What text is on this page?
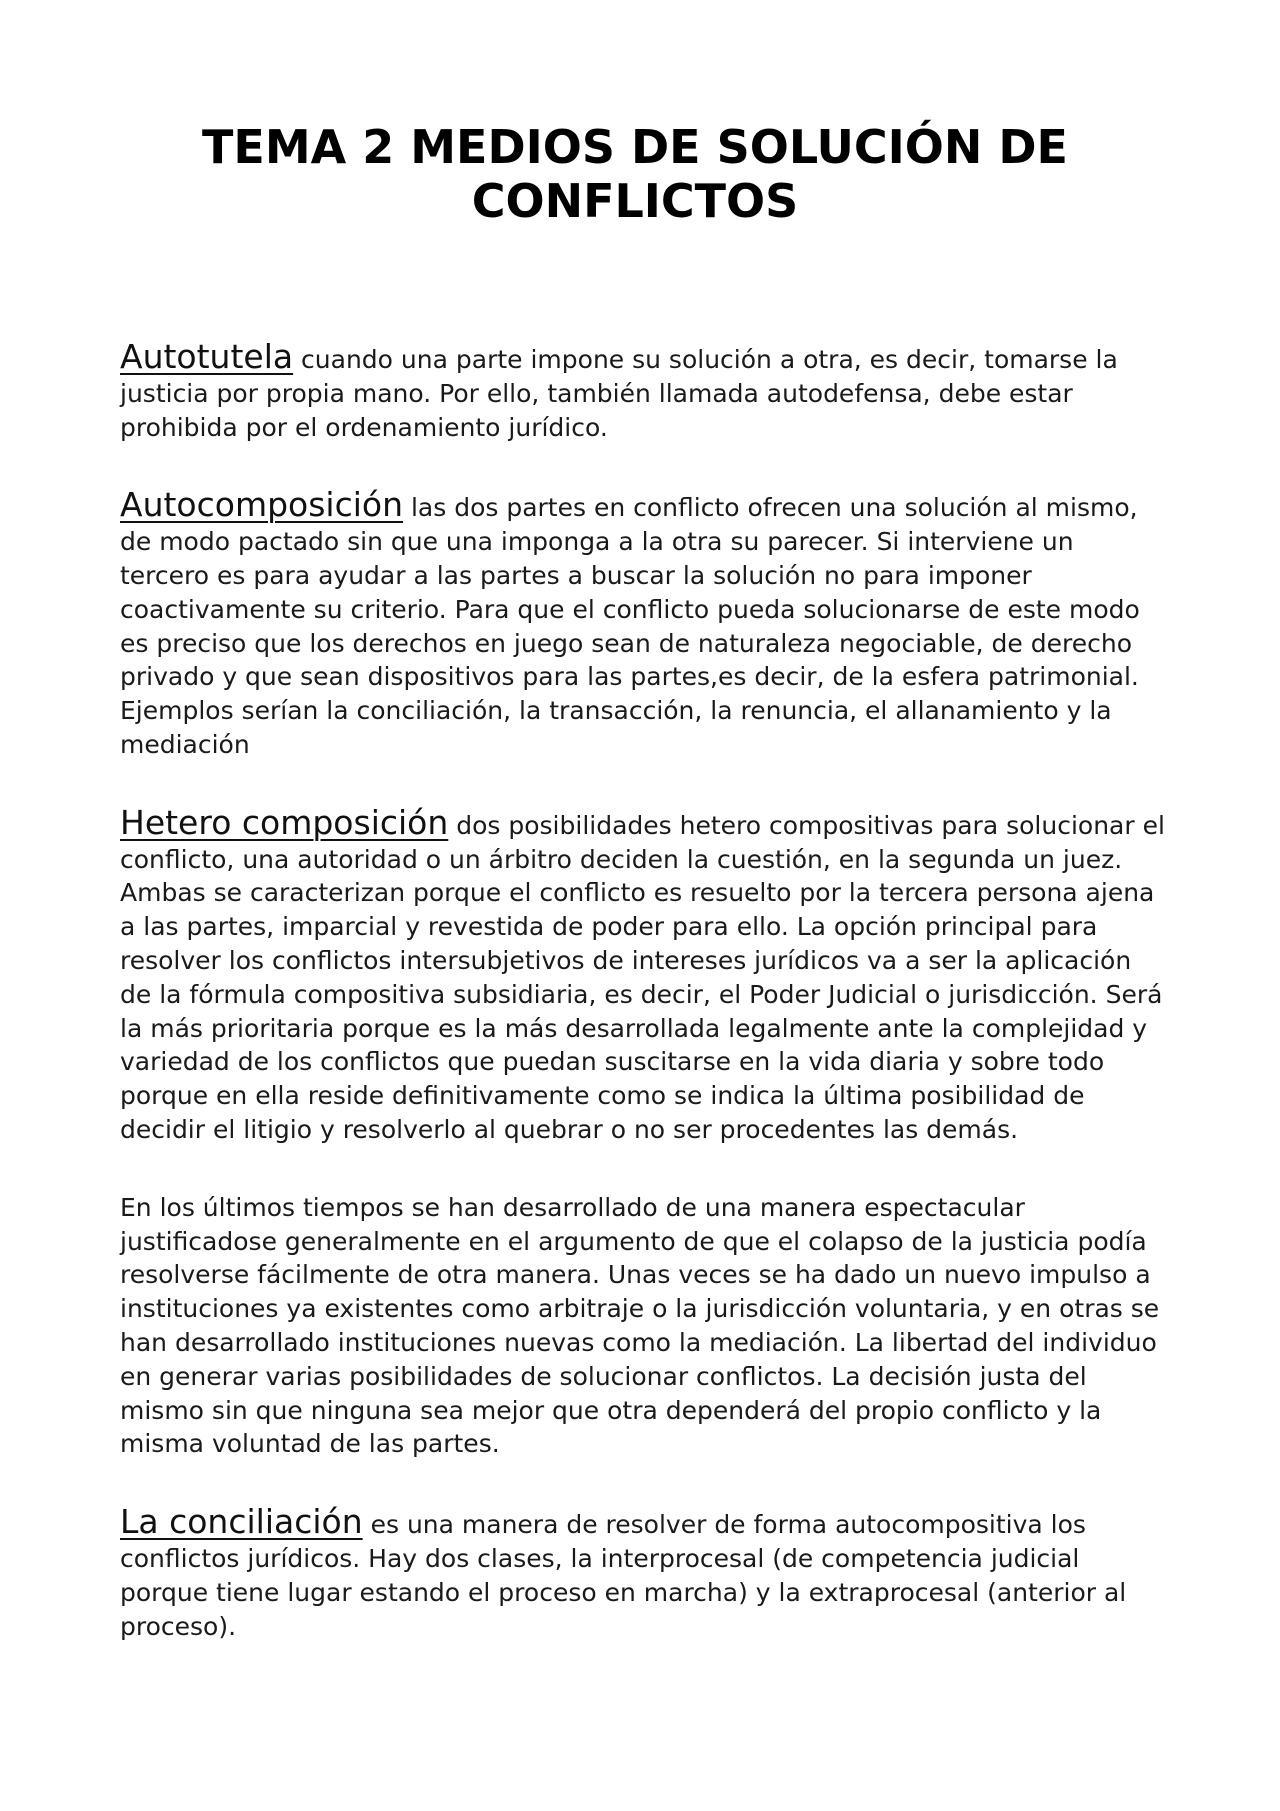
TEMA 2 MEDIOS DE SOLUCIÓN DE
CONFLICTOS

Autotutela cuando una parte impone su solución a otra, es decir, tomarse la justicia por propia mano. Por ello, también llamada autodefensa, debe estar prohibida por el ordenamiento jurídico.

Autocomposición las dos partes en conflicto ofrecen una solución al mismo, de modo pactado sin que una imponga a la otra su parecer. Si interviene un tercero es para ayudar a las partes a buscar la solución no para imponer coactivamente su criterio. Para que el conflicto pueda solucionarse de este modo es preciso que los derechos en juego sean de naturaleza negociable, de derecho privado y que sean dispositivos para las partes,es decir, de la esfera patrimonial. Ejemplos serían la conciliación, la transacción, la renuncia, el allanamiento y la mediación

Hetero composición dos posibilidades hetero compositivas para solucionar el conflicto, una autoridad o un árbitro deciden la cuestión, en la segunda un juez. Ambas se caracterizan porque el conflicto es resuelto por la tercera persona ajena a las partes, imparcial y revestida de poder para ello. La opción principal para resolver los conflictos intersubjetivos de intereses jurídicos va a ser la aplicación de la fórmula compositiva subsidiaria, es decir, el Poder Judicial o jurisdicción. Será la más prioritaria porque es la más desarrollada legalmente ante la complejidad y variedad de los conflictos que puedan suscitarse en la vida diaria y sobre todo porque en ella reside definitivamente como se indica la última posibilidad de decidir el litigio y resolverlo al quebrar o no ser procedentes las demás.

En los últimos tiempos se han desarrollado de una manera espectacular justificadose generalmente en el argumento de que el colapso de la justicia podía resolverse fácilmente de otra manera. Unas veces se ha dado un nuevo impulso a instituciones ya existentes como arbitraje o la jurisdicción voluntaria, y en otras se han desarrollado instituciones nuevas como la mediación. La libertad del individuo en generar varias posibilidades de solucionar conflictos. La decisión justa del mismo sin que ninguna sea mejor que otra dependerá del propio conflicto y la misma voluntad de las partes.

La conciliación es una manera de resolver de forma autocompositiva los conflictos jurídicos. Hay dos clases, la interprocesal (de competencia judicial porque tiene lugar estando el proceso en marcha) y la extraprocesal (anterior al proceso).
